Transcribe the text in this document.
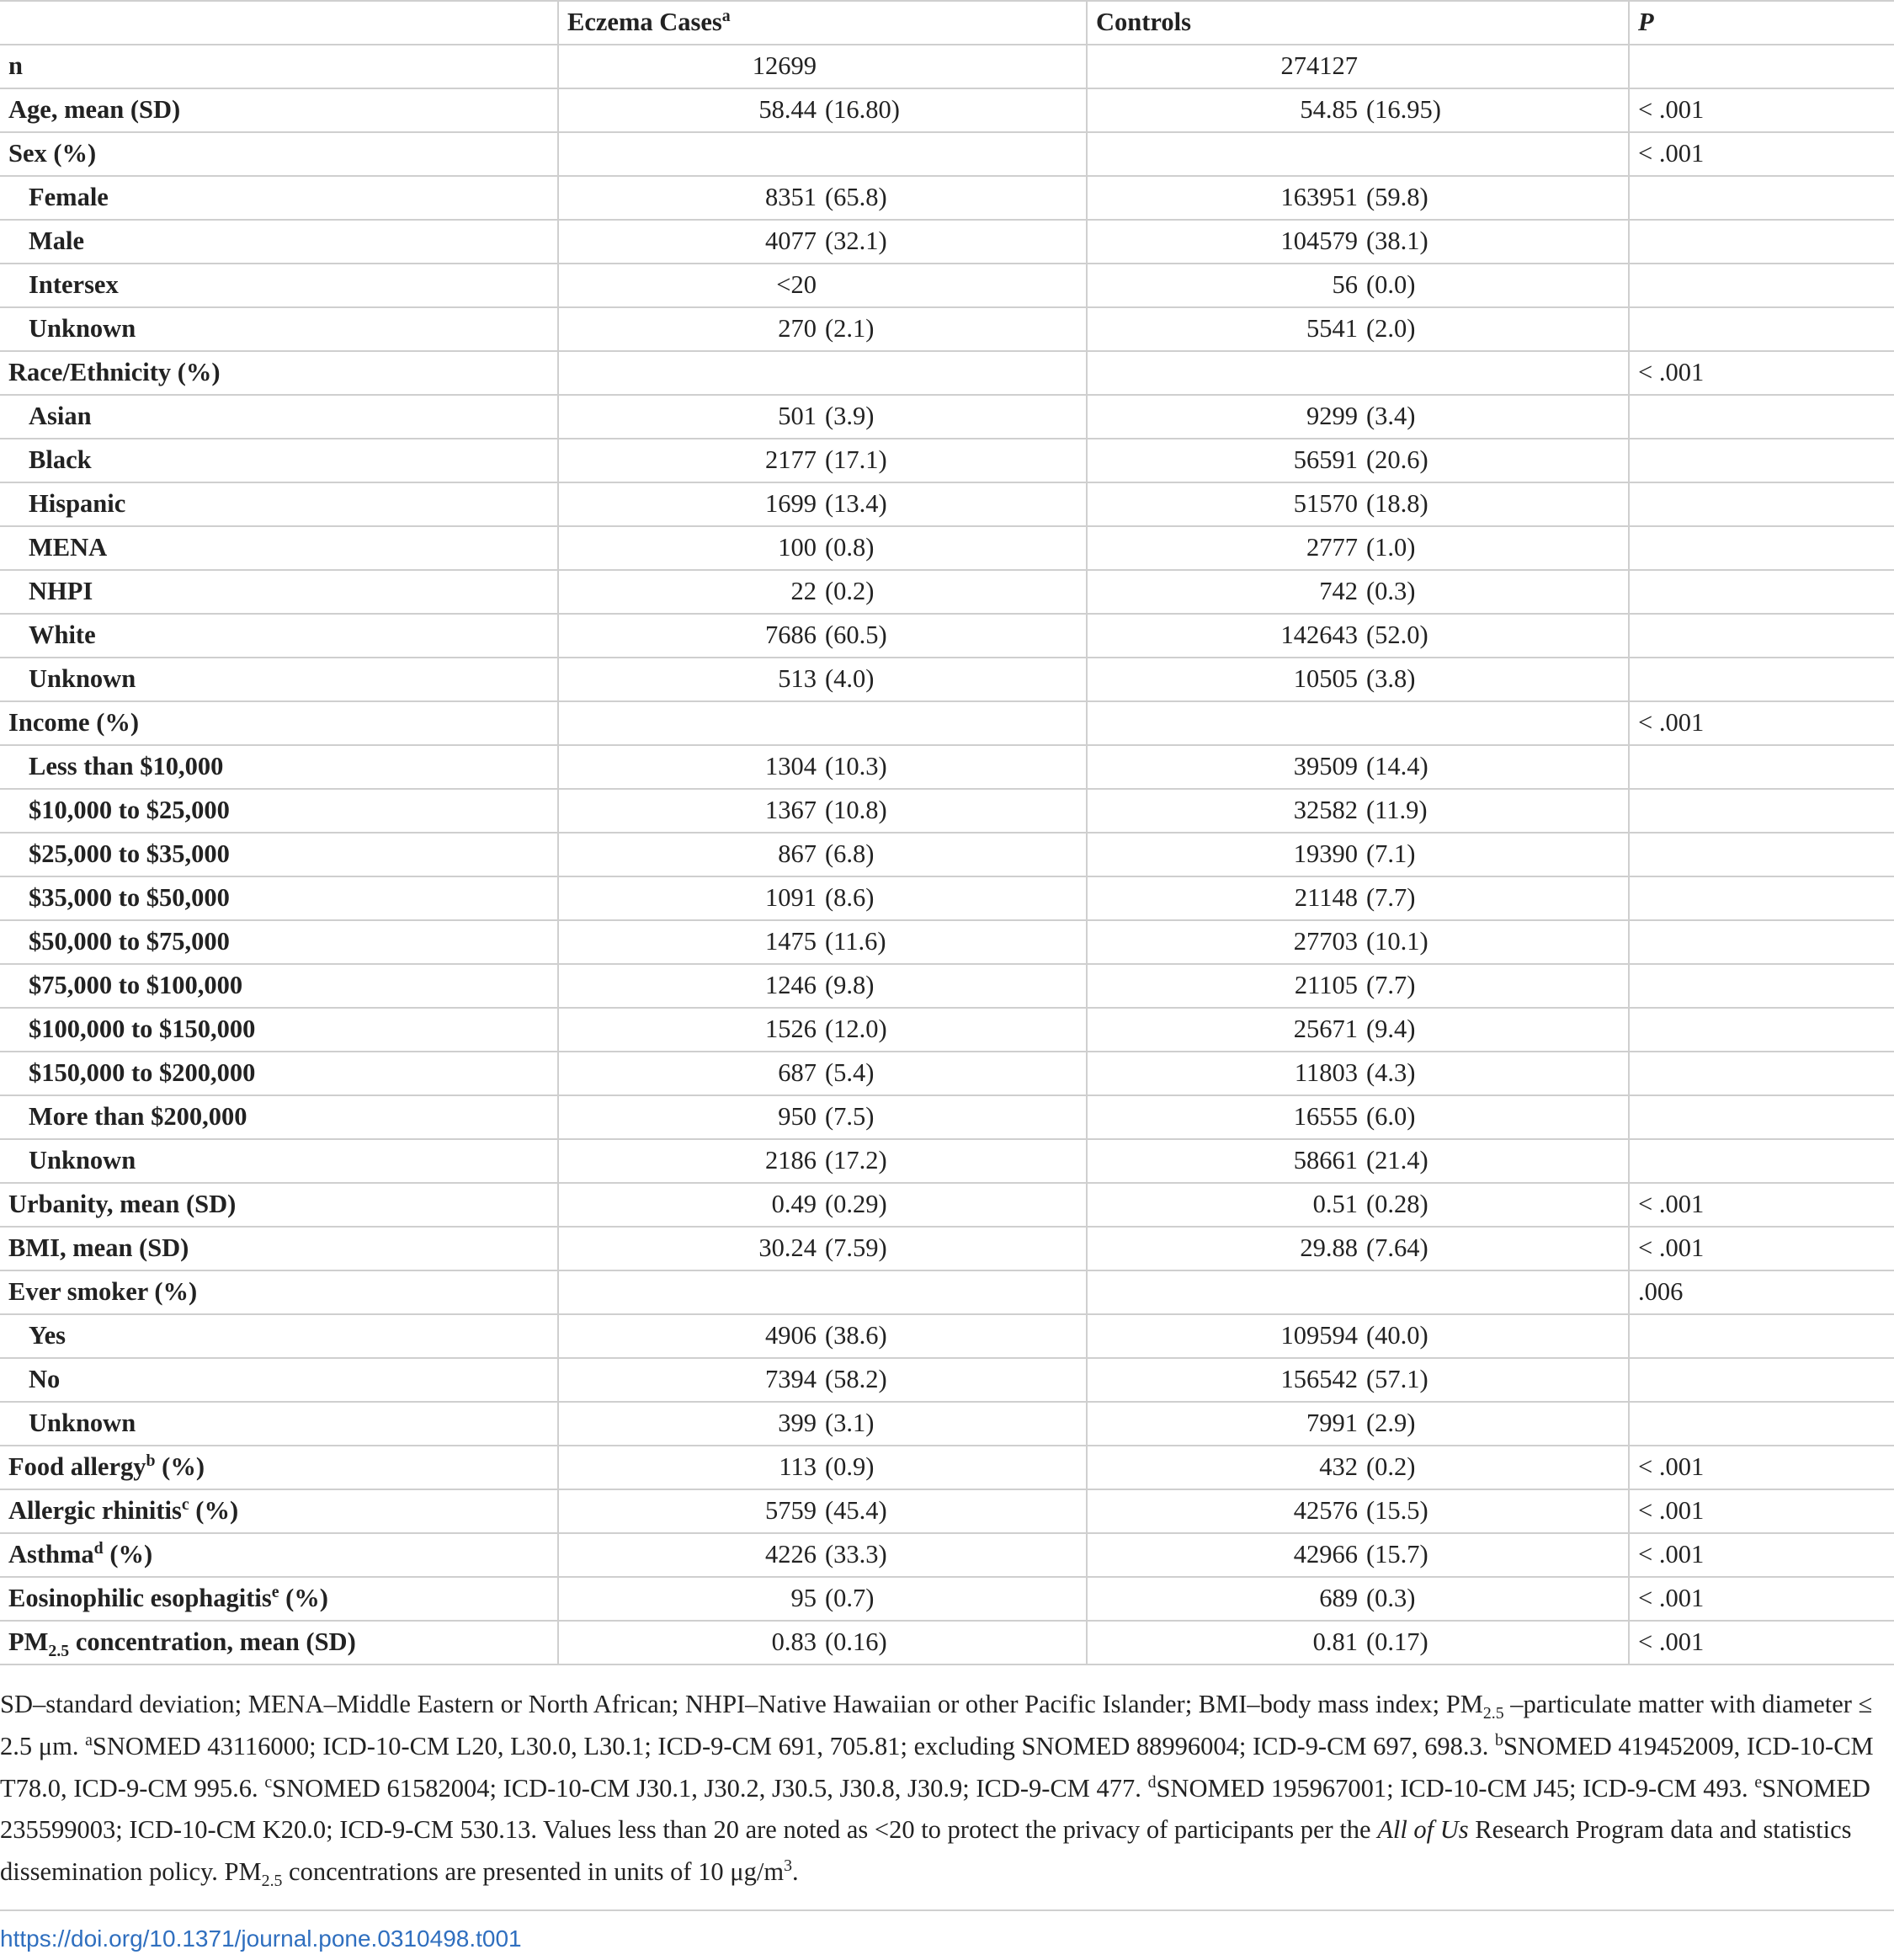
	Eczema Cases$^a$		Controls		P
n	12699		274127		
Age, mean (SD)	58.44	(16.80)	54.85	(16.95)	< .001
Sex (%)					< .001
Female	8351	(65.8)	163951	(59.8)	
Male	4077	(32.1)	104579	(38.1)	
Intersex	<20		56	(0.0)	
Unknown	270	(2.1)	5541	(2.0)	
Race/Ethnicity (%)					< .001
Asian	501	(3.9)	9299	(3.4)	
Black	2177	(17.1)	56591	(20.6)	
Hispanic	1699	(13.4)	51570	(18.8)	
MENA	100	(0.8)	2777	(1.0)	
NHPI	22	(0.2)	742	(0.3)	
White	7686	(60.5)	142643	(52.0)	
Unknown	513	(4.0)	10505	(3.8)	
Income (%)					< .001
Less than $10,000	1304	(10.3)	39509	(14.4)	
$10,000 to $25,000	1367	(10.8)	32582	(11.9)	
$25,000 to $35,000	867	(6.8)	19390	(7.1)	
$35,000 to $50,000	1091	(8.6)	21148	(7.7)	
$50,000 to $75,000	1475	(11.6)	27703	(10.1)	
$75,000 to $100,000	1246	(9.8)	21105	(7.7)	
$100,000 to $150,000	1526	(12.0)	25671	(9.4)	
$150,000 to $200,000	687	(5.4)	11803	(4.3)	
More than $200,000	950	(7.5)	16555	(6.0)	
Unknown	2186	(17.2)	58661	(21.4)	
Urbanity, mean (SD)	0.49	(0.29)	0.51	(0.28)	< .001
BMI, mean (SD)	30.24	(7.59)	29.88	(7.64)	< .001
Ever smoker (%)					.006
Yes	4906	(38.6)	109594	(40.0)	
No	7394	(58.2)	156542	(57.1)	
Unknown	399	(3.1)	7991	(2.9)	
Food allergy$^b$ (%)	113	(0.9)	432	(0.2)	< .001
Allergic rhinitis$^c$ (%)	5759	(45.4)	42576	(15.5)	< .001
Asthma$^d$ (%)	4226	(33.3)	42966	(15.7)	< .001
Eosinophilic esophagitis$^e$ (%)	95	(0.7)	689	(0.3)	< .001
$PM_{2.5}$ concentration, mean (SD)	0.83	(0.16)	0.81	(0.17)	< .001

SD–standard deviation; MENA–Middle Eastern or North African; NHPI–Native Hawaiian or other Pacific Islander; BMI–body mass index; $PM_{2.5}$ –particulate matter with diameter ≤ 2.5 μm. $^a$SNOMED 43116000; ICD-10-CM L20, L30.0, L30.1; ICD-9-CM 691, 705.81; excluding SNOMED 88996004; ICD-9-CM 697, 698.3. $^b$SNOMED 419452009, ICD-10-CM T78.0, ICD-9-CM 995.6. $^c$SNOMED 61582004; ICD-10-CM J30.1, J30.2, J30.5, J30.8, J30.9; ICD-9-CM 477. $^d$SNOMED 195967001; ICD-10-CM J45; ICD-9-CM 493. $^e$SNOMED 235599003; ICD-10-CM K20.0; ICD-9-CM 530.13. Values less than 20 are noted as <20 to protect the privacy of participants per the All of Us Research Program data and statistics dissemination policy. $PM_{2.5}$ concentrations are presented in units of 10 $\mu g/m^3$.

https://doi.org/10.1371/journal.pone.0310498.t001
